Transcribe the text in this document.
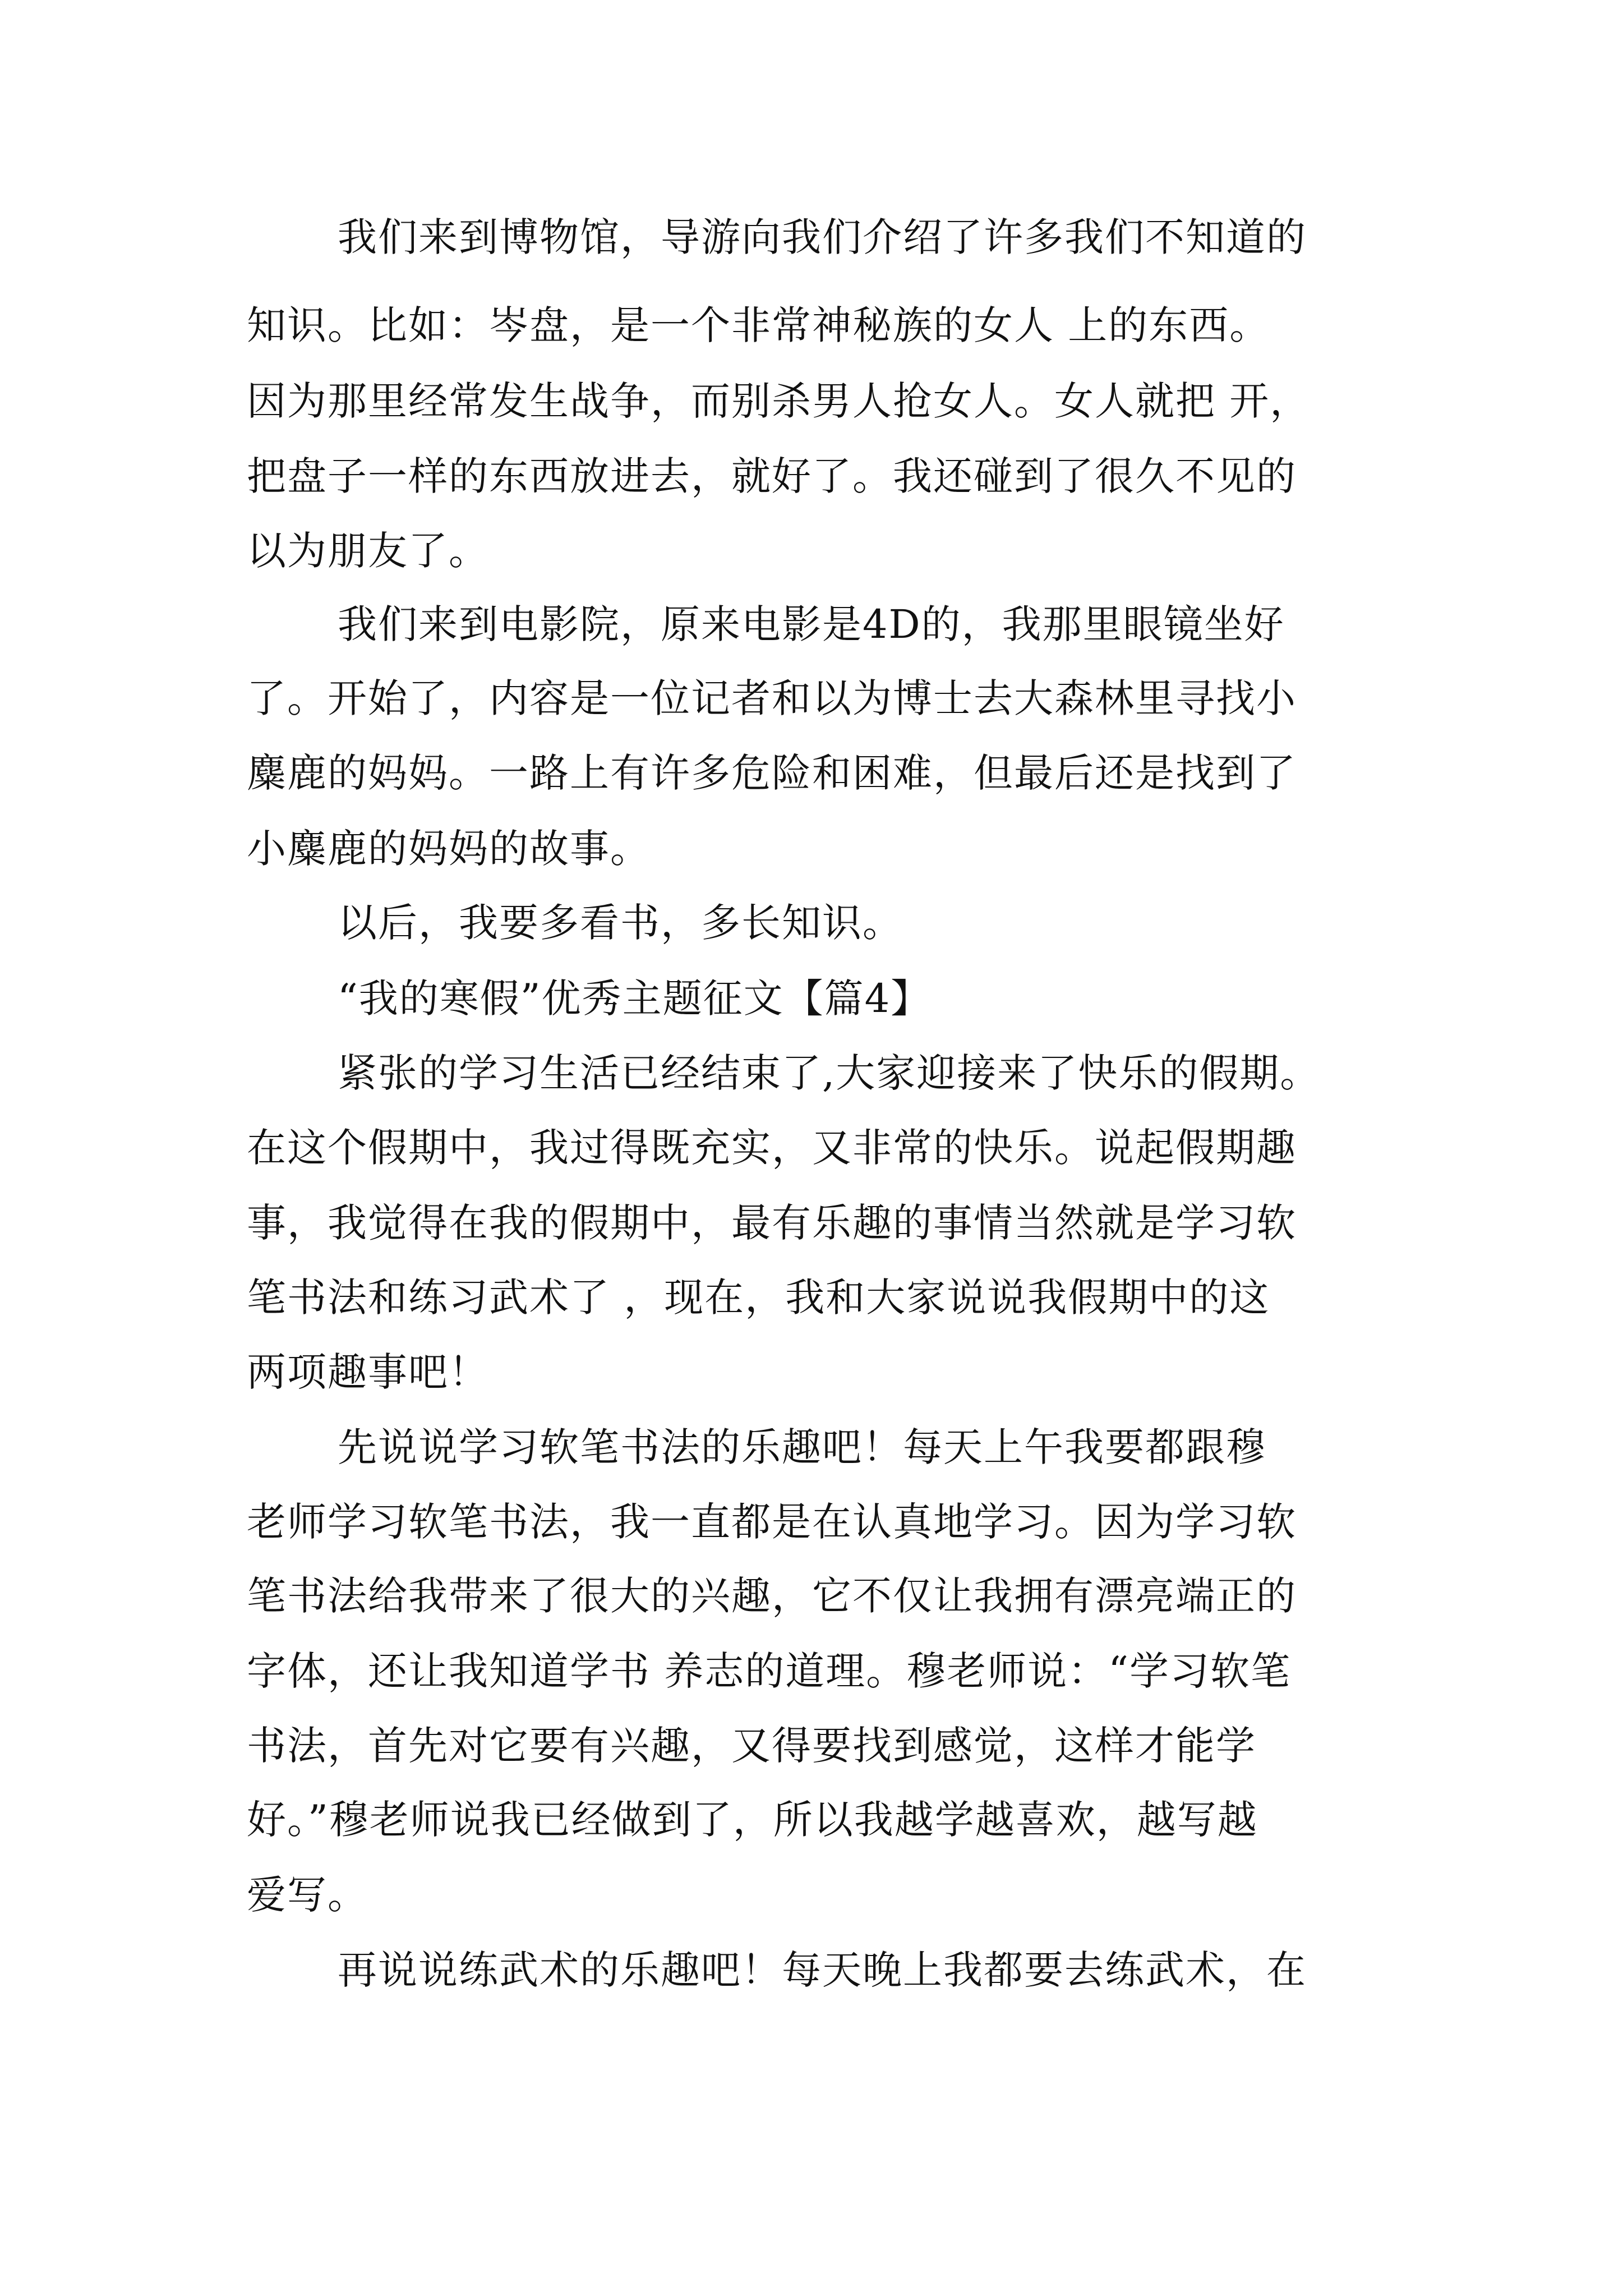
我们来到博物馆，导游向我们介绍了许多我们不知道的
知识。比如：岑盘，是一个非常神秘族的女人 上的东西。
因为那里经常发生战争，而别杀男人抢女人。女人就把 开，
把盘子一样的东西放进去，就好了。我还碰到了很久不见的
以为朋友了。
我们来到电影院，原来电影是4D的，我那里眼镜坐好
了。开始了，内容是一位记者和以为博士去大森林里寻找小
麋鹿的妈妈。一路上有许多危险和困难，但最后还是找到了
小麋鹿的妈妈的故事。
以后，我要多看书，多长知识。
“我的寒假”优秀主题征文【篇4】
紧张的学习生活已经结束了,大家迎接来了快乐的假期。
在这个假期中，我过得既充实，又非常的快乐。说起假期趣
事，我觉得在我的假期中，最有乐趣的事情当然就是学习软
笔书法和练习武术了 ，现在，我和大家说说我假期中的这
两项趣事吧！
先说说学习软笔书法的乐趣吧！每天上午我要都跟穆
老师学习软笔书法，我一直都是在认真地学习。因为学习软
笔书法给我带来了很大的兴趣，它不仅让我拥有漂亮端正的
字体，还让我知道学书 养志的道理。穆老师说：“学习软笔
书法，首先对它要有兴趣，又得要找到感觉，这样才能学
好。”穆老师说我已经做到了，所以我越学越喜欢，越写越
爱写。
再说说练武术的乐趣吧！每天晚上我都要去练武术，在
